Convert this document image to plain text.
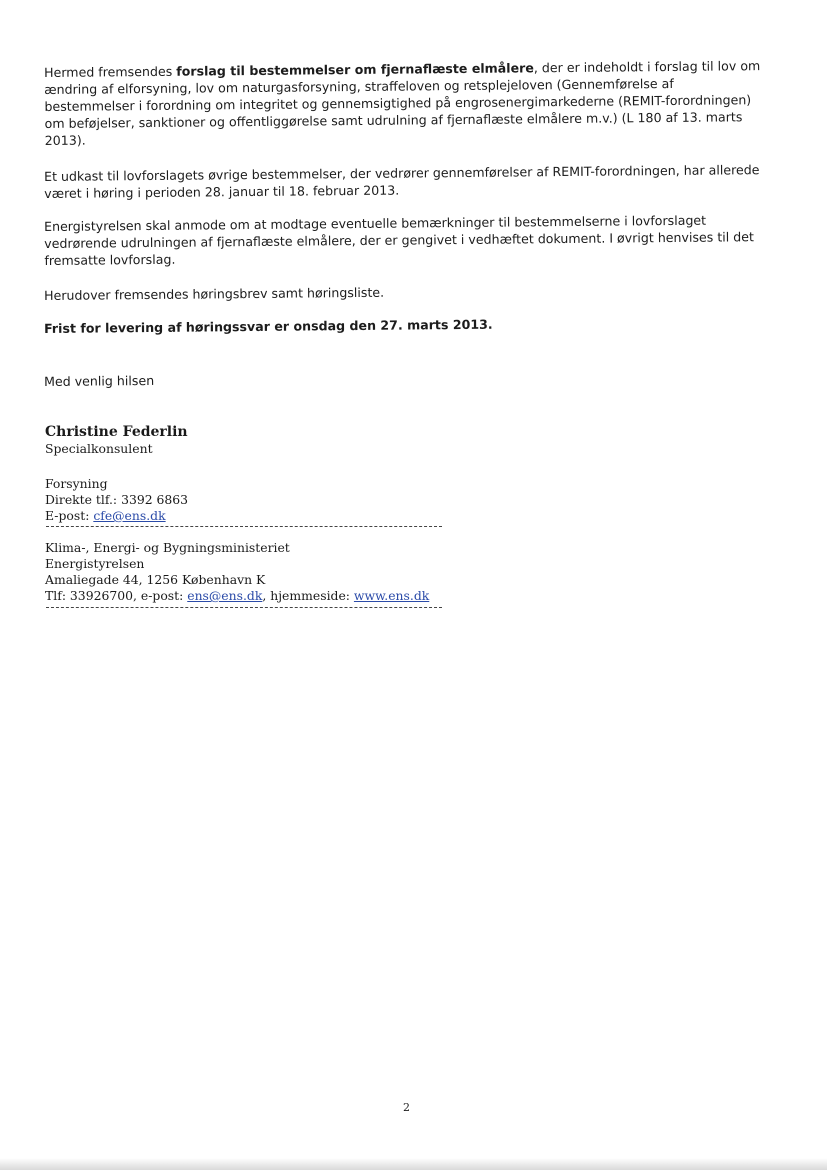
Hermed fremsendes forslag til bestemmelser om fjernaflæste elmålere, der er indeholdt i forslag til lov om ændring af elforsyning, lov om naturgasforsyning, straffeloven og retsplejeloven (Gennemførelse af bestemmelser i forordning om integritet og gennemsigtighed på engrosenergimarkederne (REMIT-forordningen) om beføjelser, sanktioner og offentliggørelse samt udrulning af fjernaflæste elmålere m.v.) (L 180 af 13. marts 2013).

Et udkast til lovforslagets øvrige bestemmelser, der vedrører gennemførelser af REMIT-forordningen, har allerede været i høring i perioden 28. januar til 18. februar 2013.

Energistyrelsen skal anmode om at modtage eventuelle bemærkninger til bestemmelserne i lovforslaget vedrørende udrulningen af fjernaflæste elmålere, der er gengivet i vedhæftet dokument. I øvrigt henvises til det fremsatte lovforslag.

Herudover fremsendes høringsbrev samt høringsliste.

Frist for levering af høringssvar er onsdag den 27. marts 2013.

Med venlig hilsen

Christine Federlin

Specialkonsulent

Forsyning

Direkte tlf.: 3392 6863

E-post: cfe@ens.dk

Klima-, Energi- og Bygningsministeriet

Energistyrelsen

Amaliegade 44, 1256 København K

Tlf: 33926700, e-post: ens@ens.dk, hjemmeside: www.ens.dk

2
